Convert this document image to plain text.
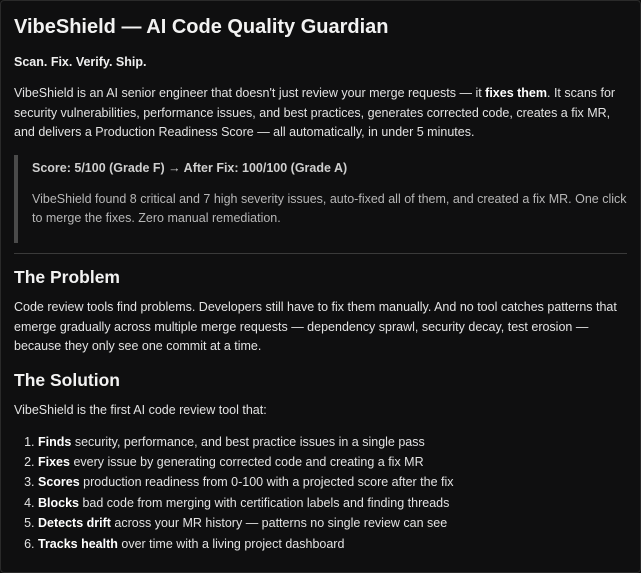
VibeShield — AI Code Quality Guardian

Scan. Fix. Verify. Ship.

VibeShield is an AI senior engineer that doesn't just review your merge requests — it fixes them. It scans for security vulnerabilities, performance issues, and best practices, generates corrected code, creates a fix MR, and delivers a Production Readiness Score — all automatically, in under 5 minutes.

Score: 5/100 (Grade F) → After Fix: 100/100 (Grade A)

VibeShield found 8 critical and 7 high severity issues, auto-fixed all of them, and created a fix MR. One click to merge the fixes. Zero manual remediation.

The Problem

Code review tools find problems. Developers still have to fix them manually. And no tool catches patterns that emerge gradually across multiple merge requests — dependency sprawl, security decay, test erosion — because they only see one commit at a time.

The Solution

VibeShield is the first AI code review tool that:

1. Finds security, performance, and best practice issues in a single pass
2. Fixes every issue by generating corrected code and creating a fix MR
3. Scores production readiness from 0-100 with a projected score after the fix
4. Blocks bad code from merging with certification labels and finding threads
5. Detects drift across your MR history — patterns no single review can see
6. Tracks health over time with a living project dashboard
